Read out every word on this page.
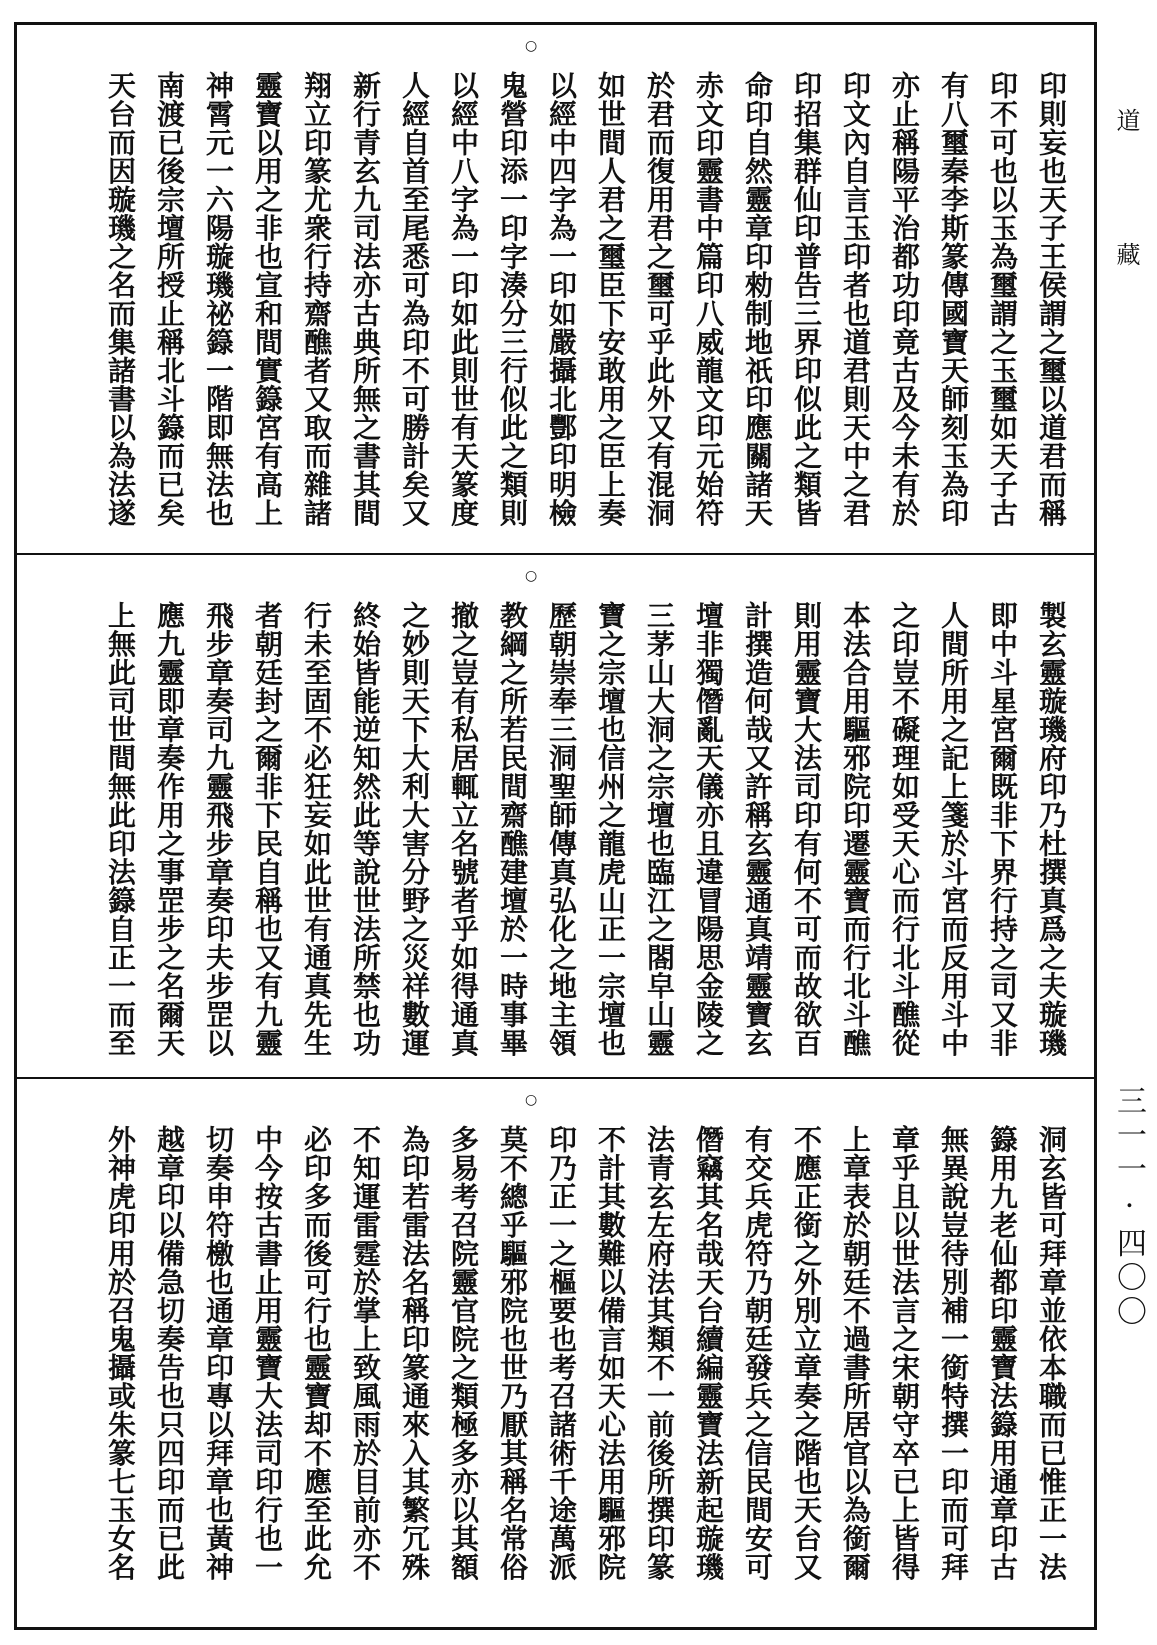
○
印則妄也天子王侯謂之璽以道君而稱
印不可也以玉為璽謂之玉璽如天子古
有八璽秦李斯篆傳國寶天師刻玉為印
亦止稱陽平治都功印竟古及今未有於
印文內自言玉印者也道君則天中之君
印招集群仙印普告三界印似此之類皆
命印自然靈章印勑制地祇印應關諸天
赤文印靈書中篇印八威龍文印元始符
於君而復用君之璽可乎此外又有混洞
如世間人君之璽臣下安敢用之臣上奏
以經中四字為一印如嚴攝北酆印明檢
鬼營印添一印字湊分三行似此之類則
以經中八字為一印如此則世有天篆度
人經自首至尾悉可為印不可勝計矣又
新行青玄九司法亦古典所無之書其間
翔立印篆尤衆行持齋醮者又取而雜諸
靈寶以用之非也宣和間實籙宮有高上
神霄元一六陽璇璣祕籙一階即無法也
南渡已後宗壇所授止稱北斗籙而已矣
天台而因璇璣之名而集諸書以為法遂
○
製玄靈璇璣府印乃杜撰真爲之夫璇璣
即中斗星宮爾既非下界行持之司又非
人間所用之記上箋於斗宮而反用斗中
之印豈不礙理如受天心而行北斗醮從
本法合用驅邪院印遷靈寶而行北斗醮
則用靈寶大法司印有何不可而故欲百
計撰造何哉又許稱玄靈通真靖靈寶玄
壇非獨僭亂天儀亦且違冒陽思金陵之
三茅山大洞之宗壇也臨江之閤皁山靈
寶之宗壇也信州之龍虎山正一宗壇也
歷朝崇奉三洞聖師傳真弘化之地主領
教綱之所若民間齋醮建壇於一時事畢
撤之豈有私居輒立名號者乎如得通真
之妙則天下大利大害分野之災祥數運
終始皆能逆知然此等說世法所禁也功
行未至固不必狂妄如此世有通真先生
者朝廷封之爾非下民自稱也又有九靈
飛步章奏司九靈飛步章奏印夫步罡以
應九靈即章奏作用之事罡步之名爾天
上無此司世間無此印法籙自正一而至
○
洞玄皆可拜章並依本職而已惟正一法
籙用九老仙都印靈寶法籙用通章印古
無異說豈待別補一銜特撰一印而可拜
章乎且以世法言之宋朝守卒已上皆得
上章表於朝廷不過書所居官以為銜爾
不應正銜之外別立章奏之階也天台又
有交兵虎符乃朝廷發兵之信民間安可
僭竊其名哉天台續編靈寶法新起璇璣
法青玄左府法其類不一前後所撰印篆
不計其數難以備言如天心法用驅邪院
印乃正一之樞要也考召諸術千途萬派
莫不總乎驅邪院也世乃厭其稱名常俗
多易考召院靈官院之類極多亦以其額
為印若雷法名稱印篆通來入其繁冗殊
不知運雷霆於掌上致風雨於目前亦不
必印多而後可行也靈寶却不應至此允
中今按古書止用靈寶大法司印行也一
切奏申符檄也通章印專以拜章也黃神
越章印以備急切奏告也只四印而已此
外神虎印用於召鬼攝或朱篆七玉女名
道
藏
三一一 · 四〇〇
